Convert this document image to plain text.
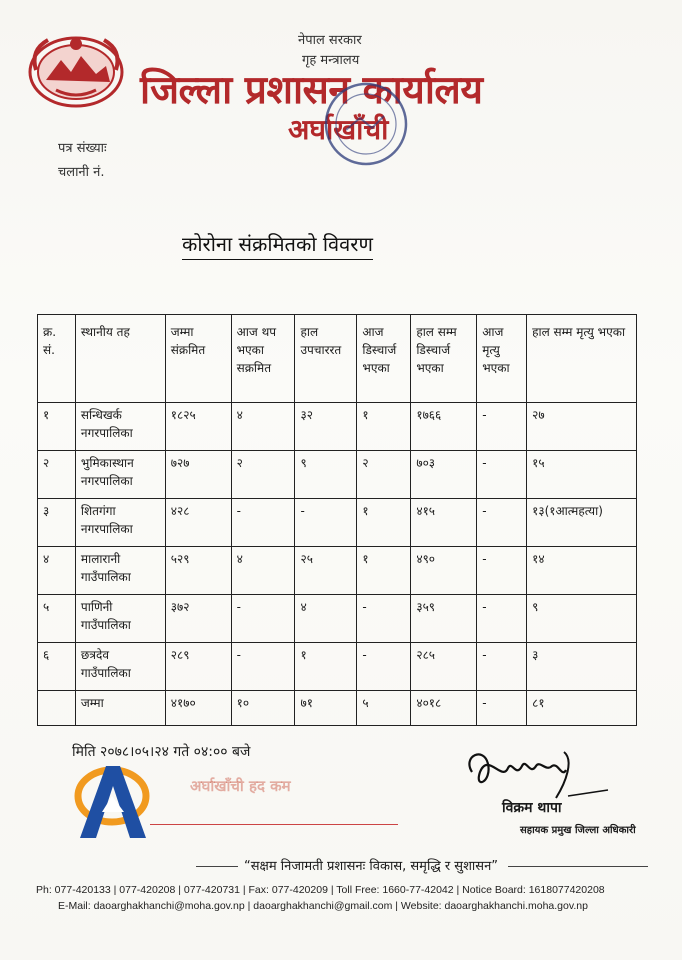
नेपाल सरकार
गृह मन्त्रालय
जिल्ला प्रशासन कार्यालय
अर्घाखाँची
पत्र संख्याः
चलानी नं.
कोरोना संक्रमितको विवरण
क्र. सं.	स्थानीय तह	जम्मा संक्रमित	आज थप भएका सक्रमित	हाल उपचाररत	आज डिस्चार्ज भएका	हाल सम्म डिस्चार्ज भएका	आज मृत्यु भएका	हाल सम्म मृत्यु भएका
१	सन्धिखर्क नगरपालिका	१८२५	४	३२	१	१७६६	-	२७
२	भुमिकास्थान नगरपालिका	७२७	२	९	२	७०३	-	१५
३	शितगंगा नगरपालिका	४२८	-	-	१	४१५	-	१३(१आत्महत्या)
४	मालारानी गाउँपालिका	५२९	४	२५	१	४९०	-	१४
५	पाणिनी गाउँपालिका	३७२	-	४	-	३५९	-	९
६	छत्रदेव गाउँपालिका	२८९	-	१	-	२८५	-	३
	जम्मा	४१७०	१०	७१	५	४०१८	-	८१
मिति २०७८।०५।२४ गते ०४:०० बजे
अर्घाखाँची हद कम
विक्रम थापा
सहायक प्रमुख जिल्ला अधिकारी
“सक्षम निजामती प्रशासनः विकास, समृद्धि र सुशासन”
Ph: 077-420133 | 077-420208 | 077-420731 | Fax: 077-420209 | Toll Free: 1660-77-42042 | Notice Board: 1618077420208
E-Mail: daoarghakhanchi@moha.gov.np | daoarghakhanchi@gmail.com | Website: daoarghakhanchi.moha.gov.np
